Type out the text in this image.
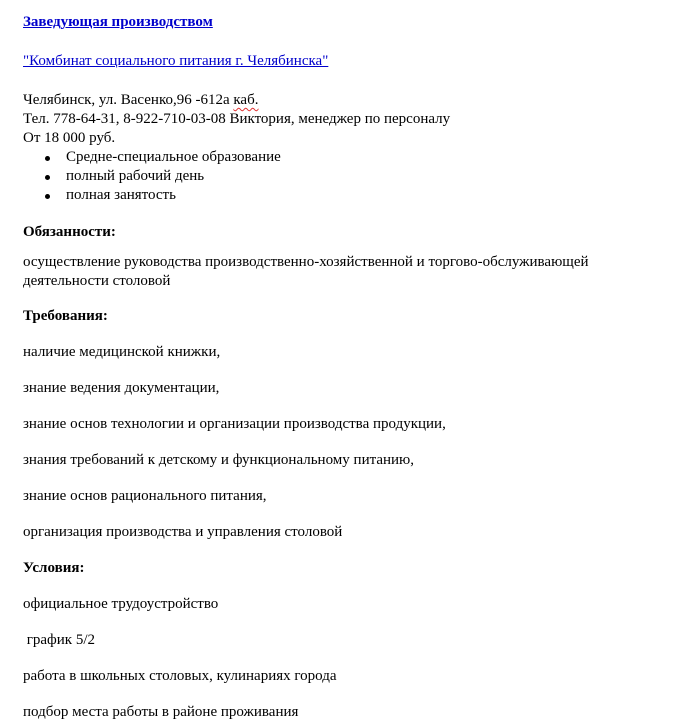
Заведующая производством
"Комбинат социального питания г. Челябинска"
Челябинск, ул. Васенко,96 -612а каб.
Тел. 778-64-31, 8-922-710-03-08 Виктория, менеджер по персоналу
От 18 000 руб.
Средне-специальное образование
полный рабочий день
полная занятость
Обязанности:
осуществление руководства производственно-хозяйственной и торгово-обслуживающей деятельности столовой
Требования:
наличие медицинской книжки,
знание ведения документации,
знание основ технологии и организации производства продукции,
знания требований к детскому и функциональному питанию,
знание основ рационального питания,
организация производства и управления столовой
Условия:
официальное трудоустройство
график 5/2
работа в школьных столовых, кулинариях города
подбор места работы в районе проживания
